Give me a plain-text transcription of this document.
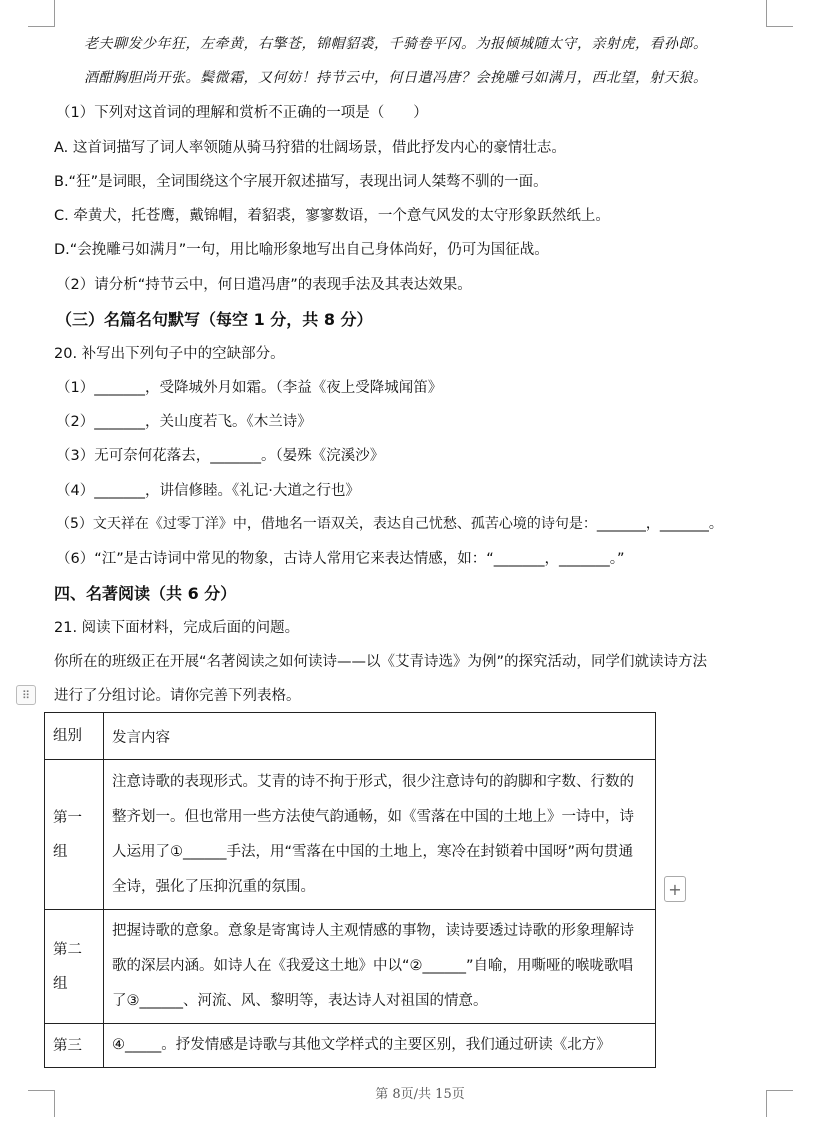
老夫聊发少年狂，左牵黄，右擎苍，锦帽貂裘，千骑卷平冈。为报倾城随太守，亲射虎，看孙郎。
酒酣胸胆尚开张。鬓微霜，又何妨！持节云中，何日遣冯唐？会挽雕弓如满月，西北望，射天狼。
（1）下列对这首词的理解和赏析不正确的一项是（　　）
A. 这首词描写了词人率领随从骑马狩猎的壮阔场景，借此抒发内心的豪情壮志。
B.“狂”是词眼，全词围绕这个字展开叙述描写，表现出词人桀骜不驯的一面。
C. 牵黄犬，托苍鹰，戴锦帽，着貂裘，寥寥数语，一个意气风发的太守形象跃然纸上。
D.“会挽雕弓如满月”一句，用比喻形象地写出自己身体尚好，仍可为国征战。
（2）请分析“持节云中，何日遣冯唐”的表现手法及其表达效果。
（三）名篇名句默写（每空 1 分，共 8 分）
20. 补写出下列句子中的空缺部分。
（1）_______，受降城外月如霜。（李益《夜上受降城闻笛》
（2）_______，关山度若飞。《木兰诗》
（3）无可奈何花落去，_______。（晏殊《浣溪沙》
（4）_______，讲信修睦。《礼记·大道之行也》
（5）文天祥在《过零丁洋》中，借地名一语双关，表达自己忧愁、孤苦心境的诗句是：_______，_______。
（6）“江”是古诗词中常见的物象，古诗人常用它来表达情感，如：“_______，_______。”
四、名著阅读（共 6 分）
21. 阅读下面材料，完成后面的问题。
你所在的班级正在开展“名著阅读之如何读诗——以《艾青诗选》为例”的探究活动，同学们就读诗方法
进行了分组讨论。请你完善下列表格。
⠿
组别	发言内容
第一组	注意诗歌的表现形式。艾青的诗不拘于形式，很少注意诗句的韵脚和字数、行数的整齐划一。但也常用一些方法使气韵通畅，如《雪落在中国的土地上》一诗中，诗人运用了①______手法，用“雪落在中国的土地上，寒冷在封锁着中国呀”两句贯通全诗，强化了压抑沉重的氛围。
第二组	把握诗歌的意象。意象是寄寓诗人主观情感的事物，读诗要透过诗歌的形象理解诗歌的深层内涵。如诗人在《我爱这土地》中以“②______”自喻，用嘶哑的喉咙歌唱了③______、河流、风、黎明等，表达诗人对祖国的情意。
第三	④_____。抒发情感是诗歌与其他文学样式的主要区别，我们通过研读《北方》
+
第 8页/共 15页
